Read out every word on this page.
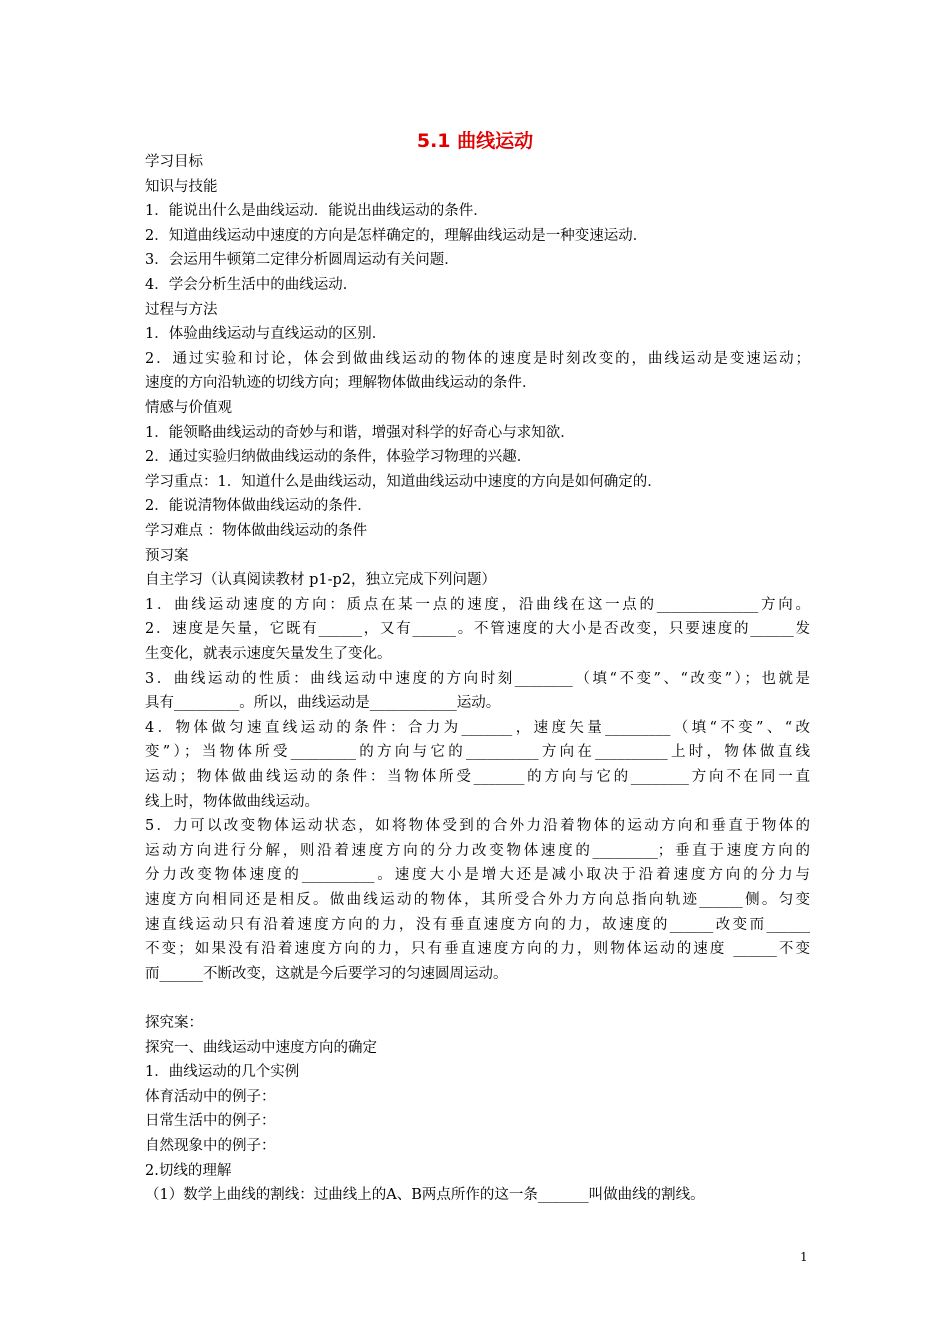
5.1 曲线运动
学习目标
知识与技能
1．能说出什么是曲线运动．能说出曲线运动的条件．
2．知道曲线运动中速度的方向是怎样确定的，理解曲线运动是一种变速运动．
3．会运用牛顿第二定律分析圆周运动有关问题．
4．学会分析生活中的曲线运动．
过程与方法
1．体验曲线运动与直线运动的区别．
2．通过实验和讨论，体会到做曲线运动的物体的速度是时刻改变的，曲线运动是变速运动；
速度的方向沿轨迹的切线方向；理解物体做曲线运动的条件．
情感与价值观
1．能领略曲线运动的奇妙与和谐，增强对科学的好奇心与求知欲．
2．通过实验归纳做曲线运动的条件，体验学习物理的兴趣．
学习重点：1．知道什么是曲线运动，知道曲线运动中速度的方向是如何确定的．
2．能说清物体做曲线运动的条件．
学习难点 ：物体做曲线运动的条件
预习案
自主学习（认真阅读教材 p1-p2，独立完成下列问题）
1．曲线运动速度的方向：质点在某一点的速度，沿曲线在这一点的______________方向。
2．速度是矢量，它既有______，又有______。不管速度的大小是否改变，只要速度的______发
生变化，就表示速度矢量发生了变化。
3．曲线运动的性质：曲线运动中速度的方向时刻________（填“不变”、“改变”）；也就是
具有_________。所以，曲线运动是____________运动。
4．物体做匀速直线运动的条件：合力为_______，速度矢量_________（填“不变”、“改
变”）；当物体所受_________的方向与它的__________方向在__________上时，物体做直线
运动；物体做曲线运动的条件：当物体所受_______的方向与它的________方向不在同一直
线上时，物体做曲线运动。
5．力可以改变物体运动状态，如将物体受到的合外力沿着物体的运动方向和垂直于物体的
运动方向进行分解，则沿着速度方向的分力改变物体速度的_________；垂直于速度方向的
分力改变物体速度的__________。速度大小是增大还是减小取决于沿着速度方向的分力与
速度方向相同还是相反。做曲线运动的物体，其所受合外力方向总指向轨迹______侧。匀变
速直线运动只有沿着速度方向的力，没有垂直速度方向的力，故速度的______改变而______
不变；如果没有沿着速度方向的力，只有垂直速度方向的力，则物体运动的速度 ______不变
而______不断改变，这就是今后要学习的匀速圆周运动。
探究案：
探究一、曲线运动中速度方向的确定
1．曲线运动的几个实例
体育活动中的例子：
日常生活中的例子：
自然现象中的例子：
2.切线的理解
（1）数学上曲线的割线：过曲线上的A、B两点所作的这一条_______叫做曲线的割线。
1
